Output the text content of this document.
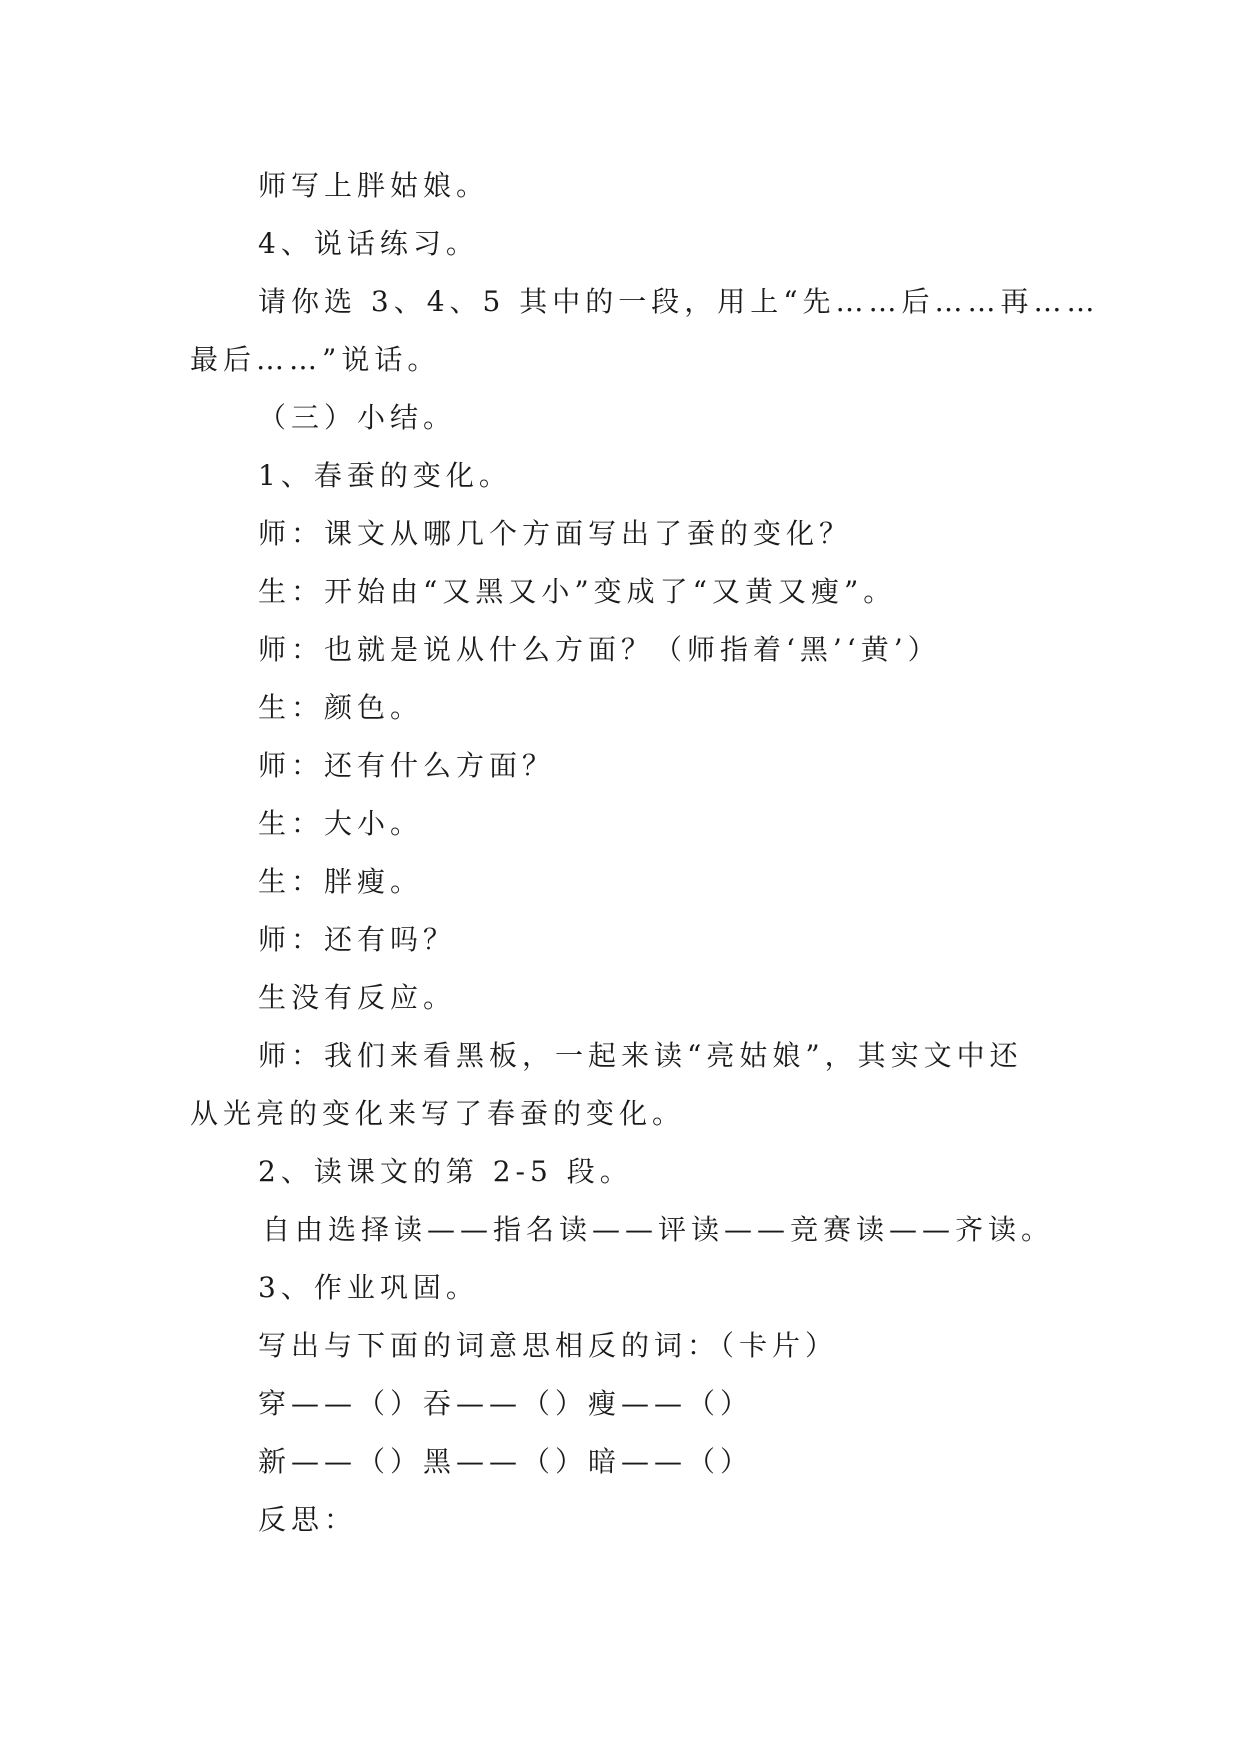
师写上胖姑娘。
4、说话练习。
请你选 3、4、5 其中的一段，用上“先……后……再……
最后……”说话。
（三）小结。
1、春蚕的变化。
师：课文从哪几个方面写出了蚕的变化？
生：开始由“又黑又小”变成了“又黄又瘦”。
师：也就是说从什么方面？（师指着‘黑’‘黄’）
生：颜色。
师：还有什么方面？
生：大小。
生：胖瘦。
师：还有吗？
生没有反应。
师：我们来看黑板，一起来读“亮姑娘”，其实文中还
从光亮的变化来写了春蚕的变化。
2、读课文的第 2-5 段。
自由选择读——指名读——评读——竞赛读——齐读。
3、作业巩固。
写出与下面的词意思相反的词：（卡片）
穿——（）吞——（）瘦——（）
新——（）黑——（）暗——（）
反思：
